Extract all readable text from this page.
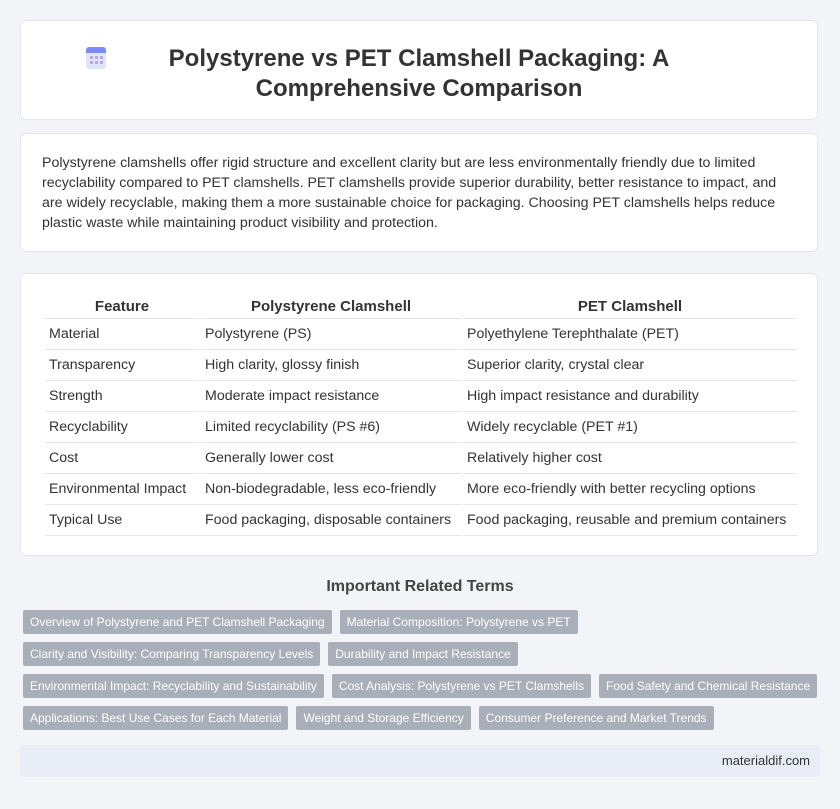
Polystyrene vs PET Clamshell Packaging: A Comprehensive Comparison

Polystyrene clamshells offer rigid structure and excellent clarity but are less environmentally friendly due to limited recyclability compared to PET clamshells. PET clamshells provide superior durability, better resistance to impact, and are widely recyclable, making them a more sustainable choice for packaging. Choosing PET clamshells helps reduce plastic waste while maintaining product visibility and protection.

Feature	Polystyrene Clamshell	PET Clamshell
Material	Polystyrene (PS)	Polyethylene Terephthalate (PET)
Transparency	High clarity, glossy finish	Superior clarity, crystal clear
Strength	Moderate impact resistance	High impact resistance and durability
Recyclability	Limited recyclability (PS #6)	Widely recyclable (PET #1)
Cost	Generally lower cost	Relatively higher cost
Environmental Impact	Non-biodegradable, less eco-friendly	More eco-friendly with better recycling options
Typical Use	Food packaging, disposable containers	Food packaging, reusable and premium containers
Important Related Terms
Overview of Polystyrene and PET Clamshell Packaging	Material Composition: Polystyrene vs PET
Clarity and Visibility: Comparing Transparency Levels	Durability and Impact Resistance
Environmental Impact: Recyclability and Sustainability	Cost Analysis: Polystyrene vs PET Clamshells	Food Safety and Chemical Resistance
Applications: Best Use Cases for Each Material	Weight and Storage Efficiency	Consumer Preference and Market Trends
materialdif.com
